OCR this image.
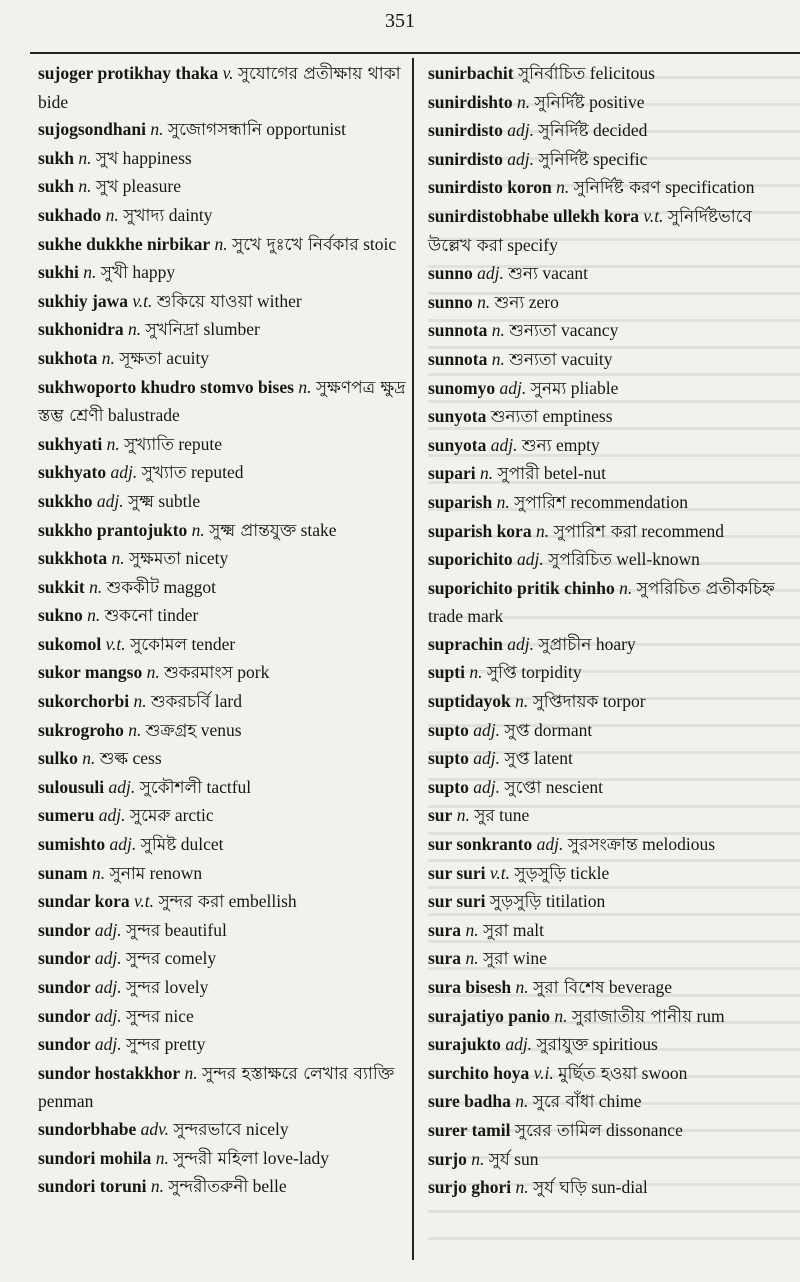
351

sujoger protikhay thaka v. সুযোগের প্রতীক্ষায় থাকা bide

sujogsondhani n. সুজোগসন্ধানি opportunist

sukh n. সুখ happiness

sukh n. সুখ pleasure

sukhado n. সুখাদ্য dainty

sukhe dukkhe nirbikar n. সুখে দুঃখে নির্বকার stoic

sukhi n. সুখী happy

sukhiy jawa v.t. শুকিয়ে যাওয়া wither

sukhonidra n. সুখনিদ্রা slumber

sukhota n. সূক্ষতা acuity

sukhwoporto khudro stomvo bises n. সুক্ষণপত্র ক্ষুদ্র স্তম্ভ শ্রেণী balustrade

sukhyati n. সুখ্যাতি repute

sukhyato adj. সুখ্যাত reputed

sukkho adj. সুক্ষ্ম subtle

sukkho prantojukto n. সুক্ষ্ম প্রান্তযুক্ত stake

sukkhota n. সুক্ষমতা nicety

sukkit n. শুককীট maggot

sukno n. শুকনো tinder

sukomol v.t. সুকোমল tender

sukor mangso n. শুকরমাংস pork

sukorchorbi n. শুকরচর্বি lard

sukrogroho n. শুক্রগ্রহ venus

sulko n. শুল্ক cess

sulousuli adj. সুকৌশলী tactful

sumeru adj. সুমেরু arctic

sumishto adj. সুমিষ্ট dulcet

sunam n. সুনাম renown

sundar kora v.t. সুন্দর করা embellish

sundor adj. সুন্দর beautiful

sundor adj. সুন্দর comely

sundor adj. সুন্দর lovely

sundor adj. সুন্দর nice

sundor adj. সুন্দর pretty

sundor hostakkhor n. সুন্দর হস্তাক্ষরে লেখার ব্যাক্তি penman

sundorbhabe adv. সুন্দরভাবে nicely

sundori mohila n. সুন্দরী মহিলা love-lady

sundori toruni n. সুন্দরীতরুনী belle

sunirbachit সুনির্বাচিত felicitous

sunirdishto n. সুনির্দিষ্ট positive

sunirdisto adj. সুনির্দিষ্ট decided

sunirdisto adj. সুনির্দিষ্ট specific

sunirdisto koron n. সুনির্দিষ্ট করণ specification

sunirdistobhabe ullekh kora v.t. সুনির্দিষ্টভাবে উল্লেখ করা specify

sunno adj. শুন্য vacant

sunno n. শুন্য zero

sunnota n. শুন্যতা vacancy

sunnota n. শুন্যতা vacuity

sunomyo adj. সুনম্য pliable

sunyota শুন্যতা emptiness

sunyota adj. শুন্য empty

supari n. সুপারী betel-nut

suparish n. সুপারিশ recommendation

suparish kora n. সুপারিশ করা recommend

suporichito adj. সুপরিচিত well-known

suporichito pritik chinho n. সুপরিচিত প্রতীকচিহ্ন trade mark

suprachin adj. সুপ্রাচীন hoary

supti n. সুপ্তি torpidity

suptidayok n. সুপ্তিদায়ক torpor

supto adj. সুপ্ত dormant

supto adj. সুপ্ত latent

supto adj. সুপ্তো nescient

sur n. সুর tune

sur sonkranto adj. সুরসংক্রান্ত melodious

sur suri v.t. সুড়সুড়ি tickle

sur suri সুড়সুড়ি titilation

sura n. সুরা malt

sura n. সুরা wine

sura bisesh n. সুরা বিশেষ beverage

surajatiyo panio n. সুরাজাতীয় পানীয় rum

surajukto adj. সুরাযুক্ত spiritious

surchito hoya v.i. মুর্ছিত হওয়া swoon

sure badha n. সুরে বাঁধা chime

surer tamil সুরের তামিল dissonance

surjo n. সুর্য sun

surjo ghori n. সুর্য ঘড়ি sun-dial
